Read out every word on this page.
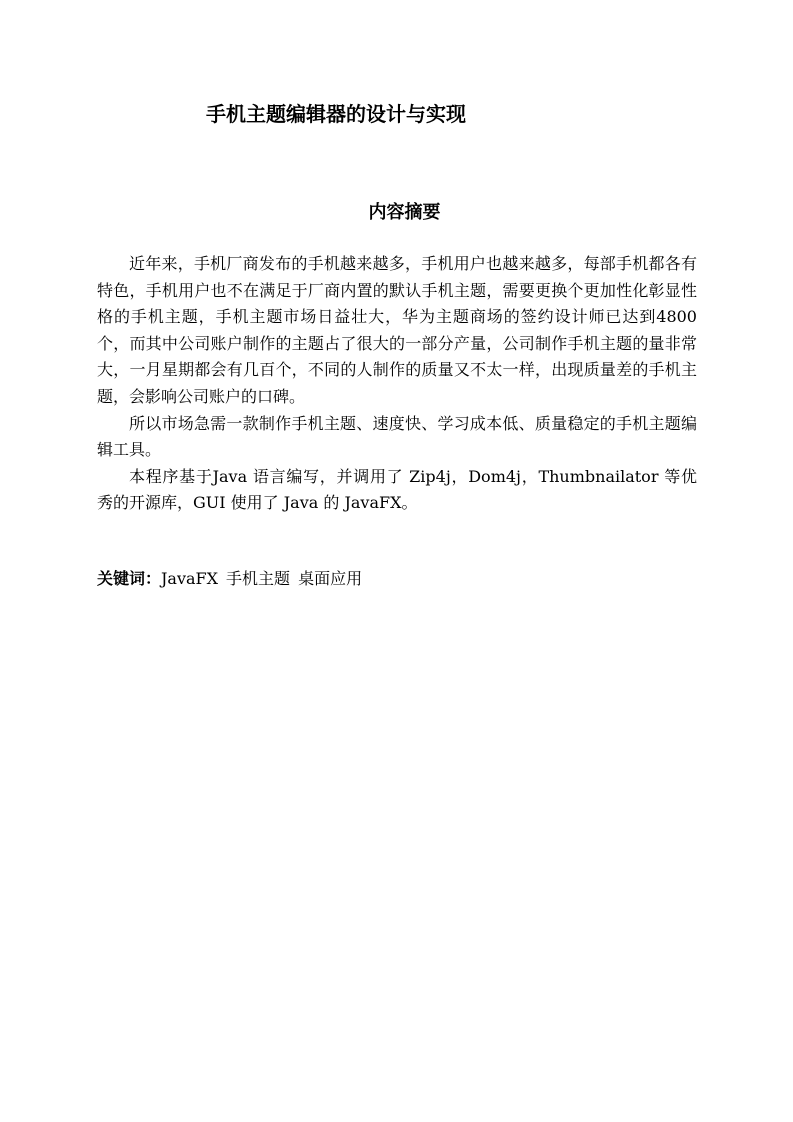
手机主题编辑器的设计与实现
内容摘要

近年来，手机厂商发布的手机越来越多，手机用户也越来越多，每部手机都各有特色，手机用户也不在满足于厂商内置的默认手机主题，需要更换个更加性化彰显性格的手机主题，手机主题市场日益壮大，华为主题商场的签约设计师已达到4800个，而其中公司账户制作的主题占了很大的一部分产量，公司制作手机主题的量非常大，一月星期都会有几百个，不同的人制作的质量又不太一样，出现质量差的手机主题，会影响公司账户的口碑。

所以市场急需一款制作手机主题、速度快、学习成本低、质量稳定的手机主题编辑工具。

本程序基于Java 语言编写，并调用了 Zip4j，Dom4j，Thumbnailator 等优秀的开源库，GUI 使用了 Java 的 JavaFX。

关键词：JavaFX 手机主题 桌面应用
